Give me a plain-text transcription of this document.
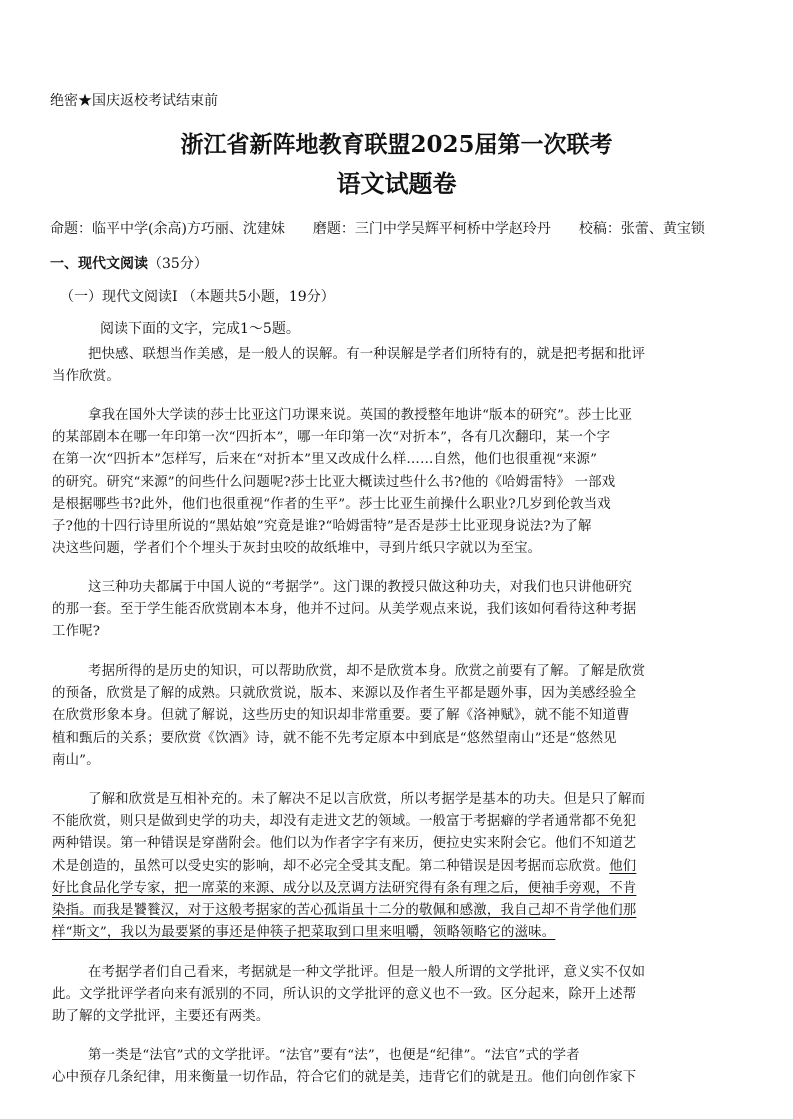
绝密★国庆返校考试结束前
浙江省新阵地教育联盟2025届第一次联考
语文试题卷
命题：临平中学(余高)方巧丽、沈建妹　　磨题：三门中学吴辉平柯桥中学赵玲丹　　校稿：张蕾、黄宝锁
一、现代文阅读（35分）
（一）现代文阅读I （本题共5小题，19分）
阅读下面的文字，完成1～5题。
把快感、联想当作美感，是一般人的误解。有一种误解是学者们所特有的，就是把考据和批评
当作欣赏。
拿我在国外大学读的莎士比亚这门功课来说。英国的教授整年地讲“版本的研究”。莎士比亚
的某部剧本在哪一年印第一次“四折本”，哪一年印第一次“对折本”，各有几次翻印，某一个字
在第一次“四折本”怎样写，后来在“对折本”里又改成什么样……自然，他们也很重视“来源”
的研究。研究“来源”的问些什么问题呢?莎士比亚大概读过些什么书?他的《哈姆雷特》 一部戏
是根据哪些书?此外，他们也很重视“作者的生平”。莎士比亚生前操什么职业?几岁到伦敦当戏
子?他的十四行诗里所说的“黑姑娘”究竟是谁?“哈姆雷特”是否是莎士比亚现身说法?为了解
决这些问题，学者们个个埋头于灰封虫咬的故纸堆中，寻到片纸只字就以为至宝。
这三种功夫都属于中国人说的“考据学”。这门课的教授只做这种功夫，对我们也只讲他研究
的那一套。至于学生能否欣赏剧本本身，他并不过问。从美学观点来说，我们该如何看待这种考据
工作呢?
考据所得的是历史的知识，可以帮助欣赏，却不是欣赏本身。欣赏之前要有了解。了解是欣赏
的预备，欣赏是了解的成熟。只就欣赏说，版本、来源以及作者生平都是题外事，因为美感经验全
在欣赏形象本身。但就了解说，这些历史的知识却非常重要。要了解《洛神赋》，就不能不知道曹
植和甄后的关系；要欣赏《饮酒》诗，就不能不先考定原本中到底是“悠然望南山”还是“悠然见
南山”。
了解和欣赏是互相补充的。未了解决不足以言欣赏，所以考据学是基本的功夫。但是只了解而
不能欣赏，则只是做到史学的功夫，却没有走进文艺的领域。一般富于考据癖的学者通常都不免犯
两种错误。第一种错误是穿凿附会。他们以为作者字字有来历，便拉史实来附会它。他们不知道艺
术是创造的，虽然可以受史实的影响，却不必完全受其支配。第二种错误是因考据而忘欣赏。他们
好比食品化学专家，把一席菜的来源、成分以及烹调方法研究得有条有理之后，便袖手旁观，不肯
染指。而我是饕餮汉，对于这般考据家的苦心孤诣虽十二分的敬佩和感激，我自己却不肯学他们那
样“斯文”，我以为最要紧的事还是伸筷子把菜取到口里来咀嚼，领略领略它的滋味。
在考据学者们自己看来，考据就是一种文学批评。但是一般人所谓的文学批评，意义实不仅如
此。文学批评学者向来有派别的不同，所认识的文学批评的意义也不一致。区分起来，除开上述帮
助了解的文学批评，主要还有两类。
第一类是“法官”式的文学批评。“法官”要有“法”，也便是“纪律”。“法官”式的学者
心中预存几条纪律，用来衡量一切作品，符合它们的就是美，违背它们的就是丑。他们向创作家下
